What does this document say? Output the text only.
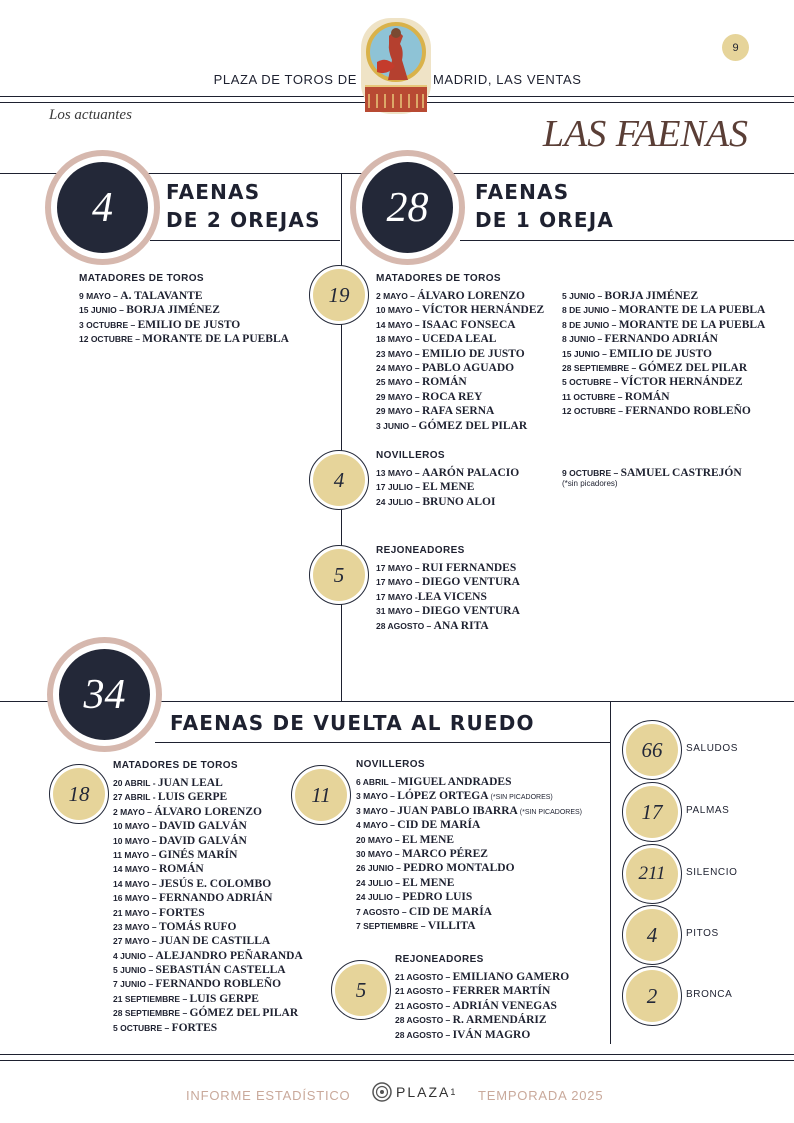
9
PLAZA DE TOROS DE	MADRID, LAS VENTAS
Los actuantes	LAS FAENAS
4	FAENAS
DE 2 OREJAS
MATADORES DE TOROS
9 MAYO – A. TALAVANTE
15 JUNIO – BORJA JIMÉNEZ
3 OCTUBRE – EMILIO DE JUSTO
12 OCTUBRE – MORANTE DE LA PUEBLA
28	FAENAS
DE 1 OREJA
19
MATADORES DE TOROS
2 MAYO – ÁLVARO LORENZO
10 MAYO – VÍCTOR HERNÁNDEZ
14 MAYO – ISAAC FONSECA
18 MAYO – UCEDA LEAL
23 MAYO – EMILIO DE JUSTO
24 MAYO – PABLO AGUADO
25 MAYO – ROMÁN
29 MAYO – ROCA REY
29 MAYO – RAFA SERNA
3 JUNIO – GÓMEZ DEL PILAR
5 JUNIO – BORJA JIMÉNEZ
8 DE JUNIO – MORANTE DE LA PUEBLA
8 DE JUNIO – MORANTE DE LA PUEBLA
8 JUNIO – FERNANDO ADRIÁN
15 JUNIO – EMILIO DE JUSTO
28 SEPTIEMBRE – GÓMEZ DEL PILAR
5 OCTUBRE – VÍCTOR HERNÁNDEZ
11 OCTUBRE – ROMÁN
12 OCTUBRE – FERNANDO ROBLEÑO
4
NOVILLEROS
13 MAYO – AARÓN PALACIO
17 JULIO – EL MENE
24 JULIO – BRUNO ALOI
9 OCTUBRE – SAMUEL CASTREJÓN
(*sin picadores)
5
REJONEADORES
17 MAYO – RUI FERNANDES
17 MAYO – DIEGO VENTURA
17 MAYO -LEA VICENS
31 MAYO – DIEGO VENTURA
28 AGOSTO – ANA RITA
34
FAENAS DE VUELTA AL RUEDO
18
MATADORES DE TOROS
20 ABRIL - JUAN LEAL
27 ABRIL - LUIS GERPE
2 MAYO – ÁLVARO LORENZO
10 MAYO – DAVID GALVÁN
10 MAYO – DAVID GALVÁN
11 MAYO – GINÉS MARÍN
14 MAYO – ROMÁN
14 MAYO – JESÚS E. COLOMBO
16 MAYO – FERNANDO ADRIÁN
21 MAYO – FORTES
23 MAYO – TOMÁS RUFO
27 MAYO – JUAN DE CASTILLA
4 JUNIO – ALEJANDRO PEÑARANDA
5 JUNIO – SEBASTIÁN CASTELLA
7 JUNIO – FERNANDO ROBLEÑO
21 SEPTIEMBRE – LUIS GERPE
28 SEPTIEMBRE – GÓMEZ DEL PILAR
5 OCTUBRE – FORTES
11
NOVILLEROS
6 ABRIL – MIGUEL ANDRADES
3 MAYO – LÓPEZ ORTEGA (*SIN PICADORES)
3 MAYO – JUAN PABLO IBARRA (*SIN PICADORES)
4 MAYO – CID DE MARÍA
20 MAYO – EL MENE
30 MAYO – MARCO PÉREZ
26 JUNIO – PEDRO MONTALDO
24 JULIO – EL MENE
24 JULIO – PEDRO LUIS
7 AGOSTO – CID DE MARÍA
7 SEPTIEMBRE – VILLITA
5
REJONEADORES
21 AGOSTO – EMILIANO GAMERO
21 AGOSTO – FERRER MARTÍN
21 AGOSTO – ADRIÁN VENEGAS
28 AGOSTO – R. ARMENDÁRIZ
28 AGOSTO – IVÁN MAGRO
66	SALUDOS
17	PALMAS
211	SILENCIO
4	PITOS
2	BRONCA
INFORME ESTADÍSTICO	PLAZA 1 TEMPORADA 2025
